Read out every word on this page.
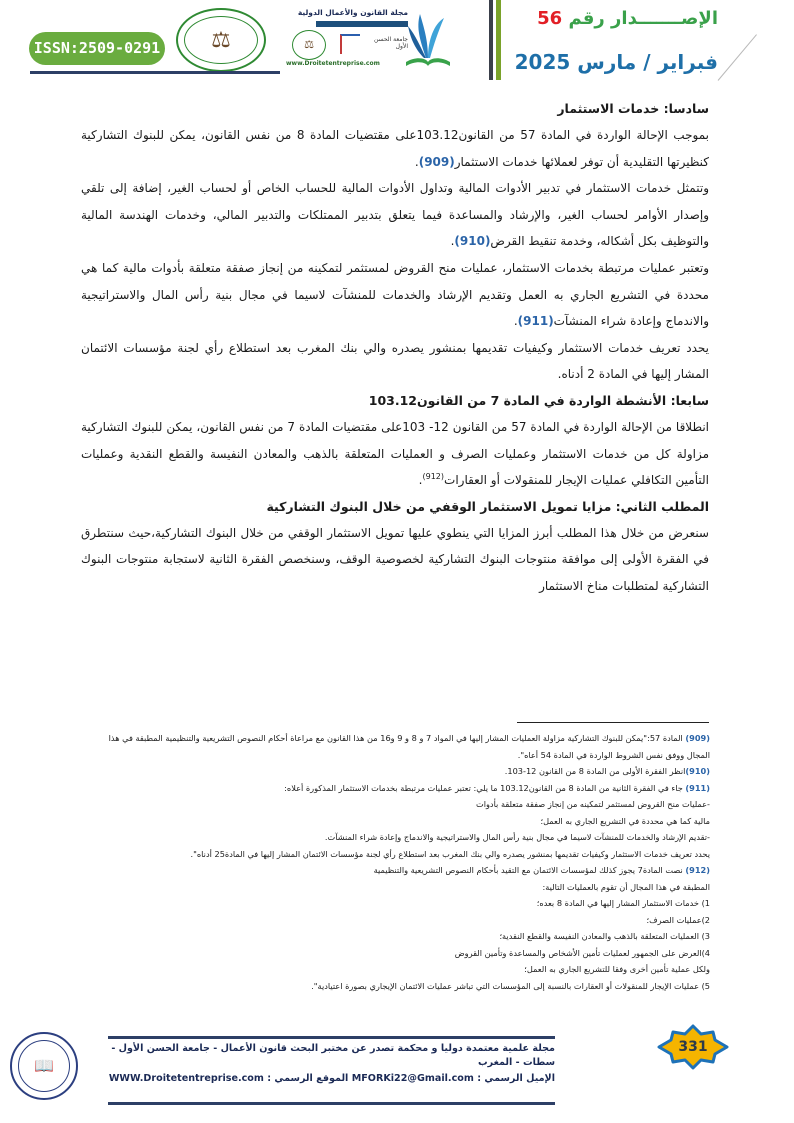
ISSN:2509-0291 ⚖
مجلة القانون والأعمال الدولية
⚖	جامعة الحسن الأول
www.Droitetentreprise.com
الإصـــــــدار رقم 56
فبراير / مارس 2025
سادسا: خدمات الاستثمار

بموجب الإحالة الواردة في المادة 57 من القانون103.12على مقتضيات المادة 8 من نفس القانون، يمكن للبنوك التشاركية كنظيرتها التقليدية أن توفر لعملائها خدمات الاستثمار(909).

وتتمثل خدمات الاستثمار في تدبير الأدوات المالية وتداول الأدوات المالية للحساب الخاص أو لحساب الغير، إضافة إلى تلقي وإصدار الأوامر لحساب الغير، والإرشاد والمساعدة فيما يتعلق بتدبير الممتلكات والتدبير المالي، وخدمات الهندسة المالية والتوظيف بكل أشكاله، وخدمة تنقيط القرض(910).

وتعتبر عمليات مرتبطة بخدمات الاستثمار، عمليات منح القروض لمستثمر لتمكينه من إنجاز صفقة متعلقة بأدوات مالية كما هي محددة في التشريع الجاري به العمل وتقديم الإرشاد والخدمات للمنشآت لاسيما في مجال بنية رأس المال والاستراتيجية والاندماج وإعادة شراء المنشآت(911).

يحدد تعريف خدمات الاستثمار وكيفيات تقديمها بمنشور يصدره والي بنك المغرب بعد استطلاع رأي لجنة مؤسسات الائتمان المشار إليها في المادة 2 أدناه.

سابعا: الأنشطة الواردة في المادة 7 من القانون103.12

انطلاقا من الإحالة الواردة في المادة 57 من القانون 12- 103على مقتضيات المادة 7 من نفس القانون، يمكن للبنوك التشاركية مزاولة كل من خدمات الاستثمار وعمليات الصرف و العمليات المتعلقة بالذهب والمعادن النفيسة والقطع النقدية وعمليات التأمين التكافلي عمليات الإيجار للمنقولات أو العقارات$^{(912)}$.

المطلب الثاني: مزايا تمويل الاستثمار الوقفي من خلال البنوك التشاركية

سنعرض من خلال هذا المطلب أبرز المزايا التي ينطوي عليها تمويل الاستثمار الوقفي من خلال البنوك التشاركية،حيث سنتطرق في الفقرة الأولى إلى موافقة منتوجات البنوك التشاركية لخصوصية الوقف، وسنخصص الفقرة الثانية لاستجابة منتوجات البنوك التشاركية لمتطلبات مناخ الاستثمار

(909) المادة 57:"يمكن للبنوك التشاركية مزاولة العمليات المشار إليها في المواد 7 و 8 و 9 و16 من هذا القانون مع مراعاة أحكام النصوص التشريعية والتنظيمية المطبقة في هذا

المجال ووفق نفس الشروط الواردة في المادة 54 أعاه".

(910)انظر الفقرة الأولى من المادة 8 من القانون 12-103.

(911) جاء في الفقرة الثانية من المادة 8 من القانون103.12 ما يلي: تعتبر عمليات مرتبطة بخدمات الاستثمار المذكورة أعلاه:

-عمليات منح القروض لمستثمر لتمكينه من إنجاز صفقة متعلقة بأدوات

مالية كما هي محددة في التشريع الجاري به العمل؛

-تقديم الإرشاد والخدمات للمنشآت لاسيما في مجال بنية رأس المال والاستراتيجية والاندماج وإعادة شراء المنشآت.

يحدد تعريف خدمات الاستثمار وكيفيات تقديمها بمنشور يصدره والي بنك المغرب بعد استطلاع رأي لجنة مؤسسات الائتمان المشار إليها في المادة25 أدناه".

(912) نصت المادة7 يجوز كذلك لمؤسسات الائتمان مع التقيد بأحكام النصوص التشريعية والتنظيمية

المطبقة في هذا المجال أن تقوم بالعمليات التالية:

1) خدمات الاستثمار المشار إليها في المادة 8 بعده؛

2)عمليات الصرف؛

3) العمليات المتعلقة بالذهب والمعادن النفيسة والقطع النقدية؛

4)العرض على الجمهور لعمليات تأمين الأشخاص والمساعدة وتأمين القروض

ولكل عملية تأمين أخرى وفقا للتشريع الجاري به العمل؛

5) عمليات الإيجار للمنقولات أو العقارات بالنسبة إلى المؤسسات التي تباشر عمليات الائتمان الإيجاري بصورة اعتيادية".

📖
مجلة علمية معتمدة دوليا و محكمة تصدر عن مختبر البحث قانون الأعمال - جامعة الحسن الأول - سطات - المغرب
الإميل الرسمي : MFORKi22@Gmail.com الموقع الرسمي : WWW.Droitetentreprise.com
331
